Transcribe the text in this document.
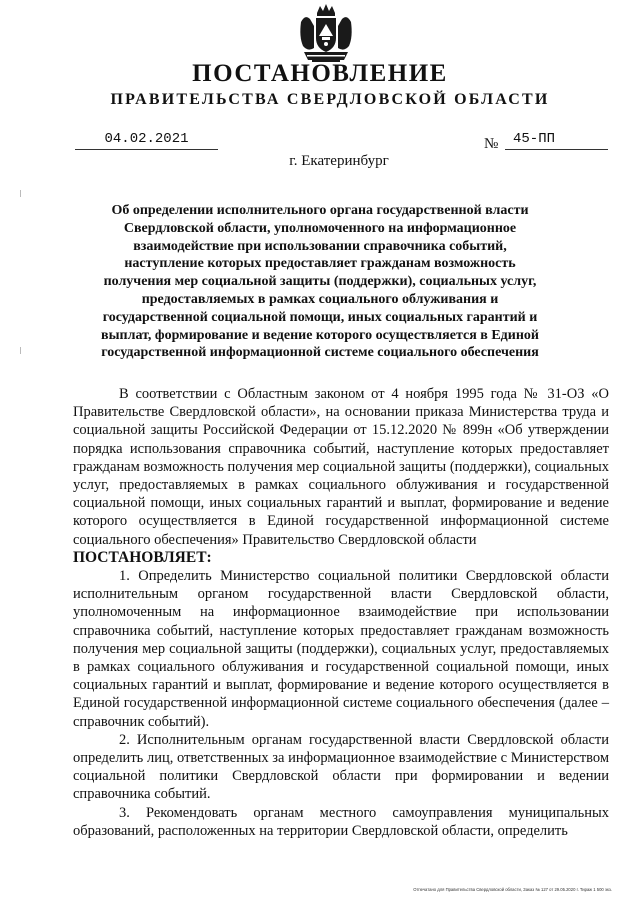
ПОСТАНОВЛЕНИЕ
ПРАВИТЕЛЬСТВА СВЕРДЛОВСКОЙ ОБЛАСТИ
04.02.2021	№	45-ПП
г. Екатеринбург
Об определении исполнительного органа государственной власти Свердловской области, уполномоченного на информационное взаимодействие при использовании справочника событий, наступление которых предоставляет гражданам возможность получения мер социальной защиты (поддержки), социальных услуг, предоставляемых в рамках социального облуживания и государственной социальной помощи, иных социальных гарантий и выплат, формирование и ведение которого осуществляется в Единой государственной информационной системе социального обеспечения

В соответствии с Областным законом от 4 ноября 1995 года № 31-ОЗ «О Правительстве Свердловской области», на основании приказа Министерства труда и социальной защиты Российской Федерации от 15.12.2020 № 899н «Об утверждении порядка использования справочника событий, наступление которых предоставляет гражданам возможность получения мер социальной защиты (поддержки), социальных услуг, предоставляемых в рамках социального облуживания и государственной социальной помощи, иных социальных гарантий и выплат, формирование и ведение которого осуществляется в Единой государственной информационной системе социального обеспечения» Правительство Свердловской области

ПОСТАНОВЛЯЕТ:

1. Определить Министерство социальной политики Свердловской области исполнительным органом государственной власти Свердловской области, уполномоченным на информационное взаимодействие при использовании справочника событий, наступление которых предоставляет гражданам возможность получения мер социальной защиты (поддержки), социальных услуг, предоставляемых в рамках социального облуживания и государственной социальной помощи, иных социальных гарантий и выплат, формирование и ведение которого осуществляется в Единой государственной информационной системе социального обеспечения (далее – справочник событий).

2. Исполнительным органам государственной власти Свердловской области определить лиц, ответственных за информационное взаимодействие с Министерством социальной политики Свердловской области при формировании и ведении справочника событий.

3. Рекомендовать органам местного самоуправления муниципальных образований, расположенных на территории Свердловской области, определить

Отпечатано для Правительства Свердловской области, Заказ № 127 от 29.05.2020 г. Тираж 1 500 экз.
